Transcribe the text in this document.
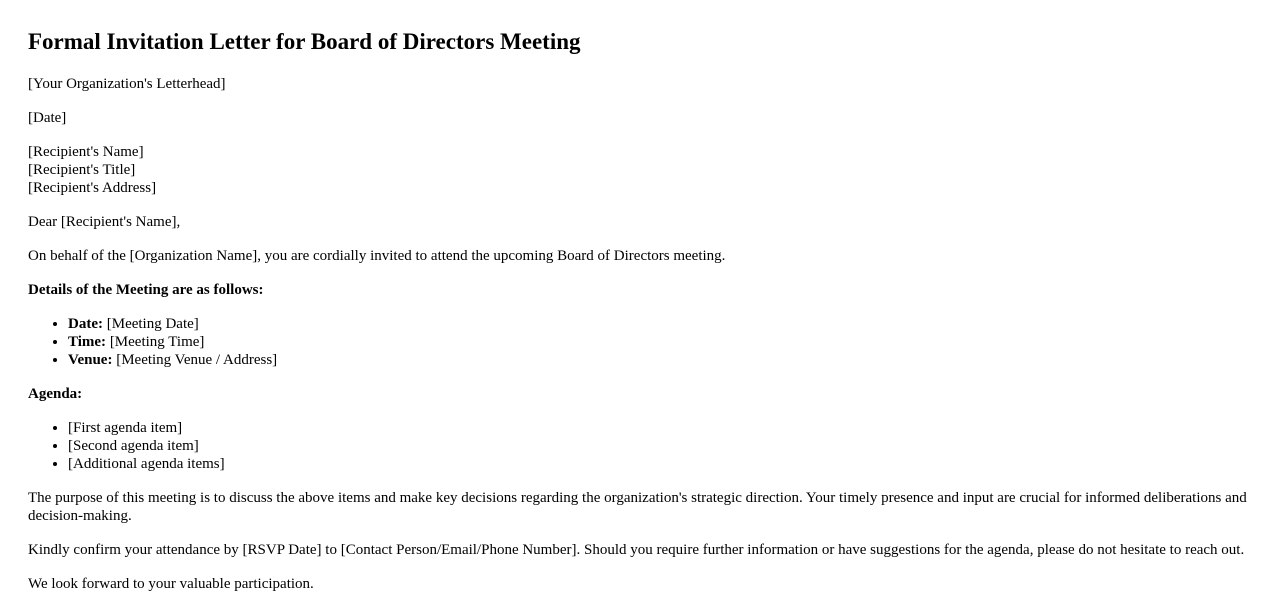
Formal Invitation Letter for Board of Directors Meeting

[Your Organization's Letterhead]

[Date]

[Recipient's Name]
[Recipient's Title]
[Recipient's Address]

Dear [Recipient's Name],

On behalf of the [Organization Name], you are cordially invited to attend the upcoming Board of Directors meeting.

Details of the Meeting are as follows:

• Date: [Meeting Date]
• Time: [Meeting Time]
• Venue: [Meeting Venue / Address]

Agenda:

• [First agenda item]
• [Second agenda item]
• [Additional agenda items]

The purpose of this meeting is to discuss the above items and make key decisions regarding the organization's strategic direction. Your timely presence and input are crucial for informed deliberations and decision-making.

Kindly confirm your attendance by [RSVP Date] to [Contact Person/Email/Phone Number]. Should you require further information or have suggestions for the agenda, please do not hesitate to reach out.

We look forward to your valuable participation.
